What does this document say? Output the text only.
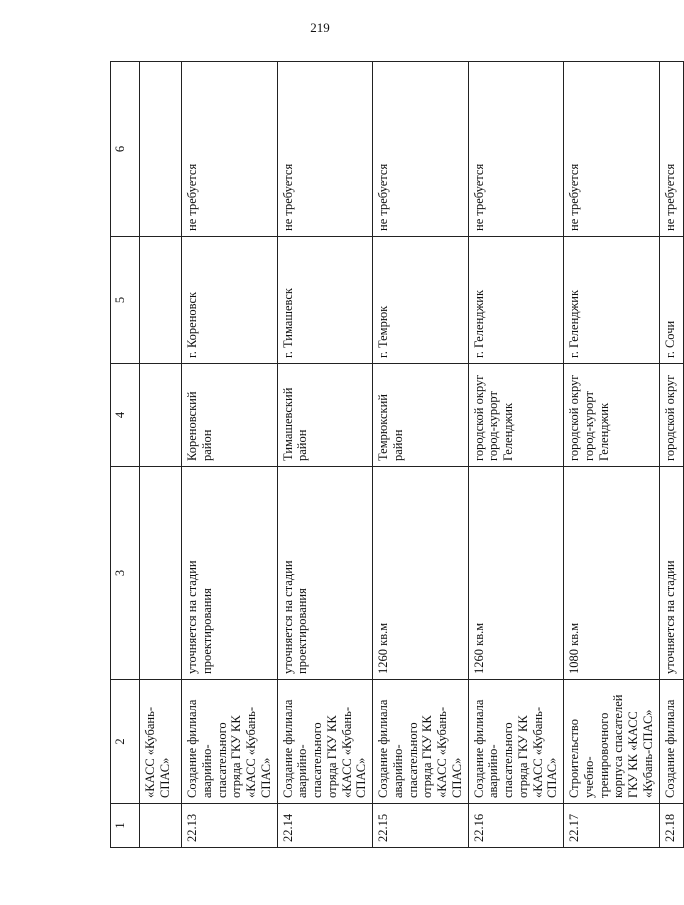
219
1	2	3	4	5	6
	«КАСС «Кубань-СПАС»				
22.13	Создание филиала аварийно-спасательного отряда ГКУ КК «КАСС «Кубань-СПАС»	уточняется на стадии проектирования	Кореновский район	г. Кореновск	не требуется
22.14	Создание филиала аварийно-спасательного отряда ГКУ КК «КАСС «Кубань-СПАС»	уточняется на стадии проектирования	Тимашевский район	г. Тимашевск	не требуется
22.15	Создание филиала аварийно-спасательного отряда ГКУ КК «КАСС «Кубань-СПАС»	1260 кв.м	Темрюкский район	г. Темрюк	не требуется
22.16	Создание филиала аварийно-спасательного отряда ГКУ КК «КАСС «Кубань-СПАС»	1260 кв.м	городской округ город-курорт Геленджик	г. Геленджик	не требуется
22.17	Строительство учебно-тренировочного корпуса спасателей ГКУ КК «КАСС «Кубань-СПАС»	1080 кв.м	городской округ город-курорт Геленджик	г. Геленджик	не требуется
22.18	Создание филиала	уточняется на стадии	городской округ	г. Сочи	не требуется
